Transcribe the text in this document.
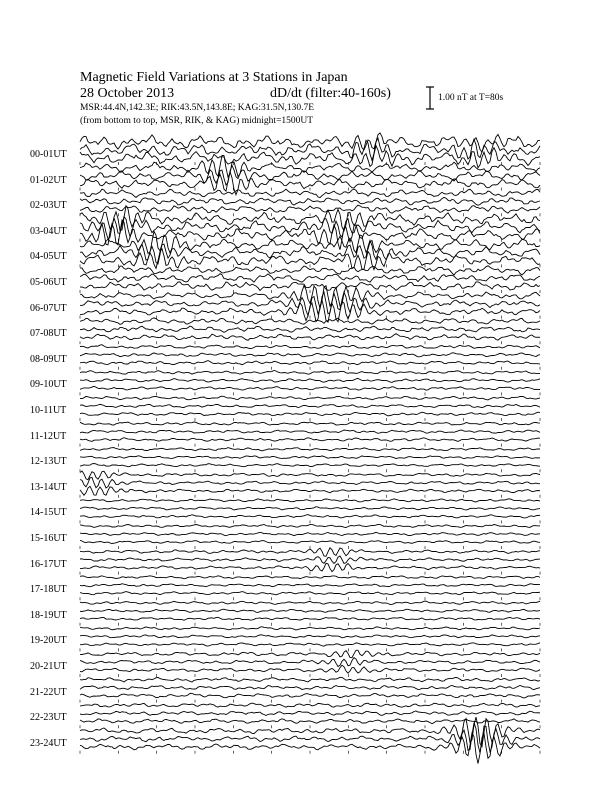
Magnetic Field Variations at 3 Stations in Japan
28 October 2013	dD/dt (filter:40-160s)
MSR:44.4N,142.3E; RIK:43.5N,143.8E; KAG:31.5N,130.7E
(from bottom to top, MSR, RIK, & KAG) midnight=1500UT
1.00 nT at T=80s
00-01UT
01-02UT
02-03UT
03-04UT
04-05UT
05-06UT
06-07UT
07-08UT
08-09UT
09-10UT
10-11UT
11-12UT
12-13UT
13-14UT
14-15UT
15-16UT
16-17UT
17-18UT
18-19UT
19-20UT
20-21UT
21-22UT
22-23UT
23-24UT
